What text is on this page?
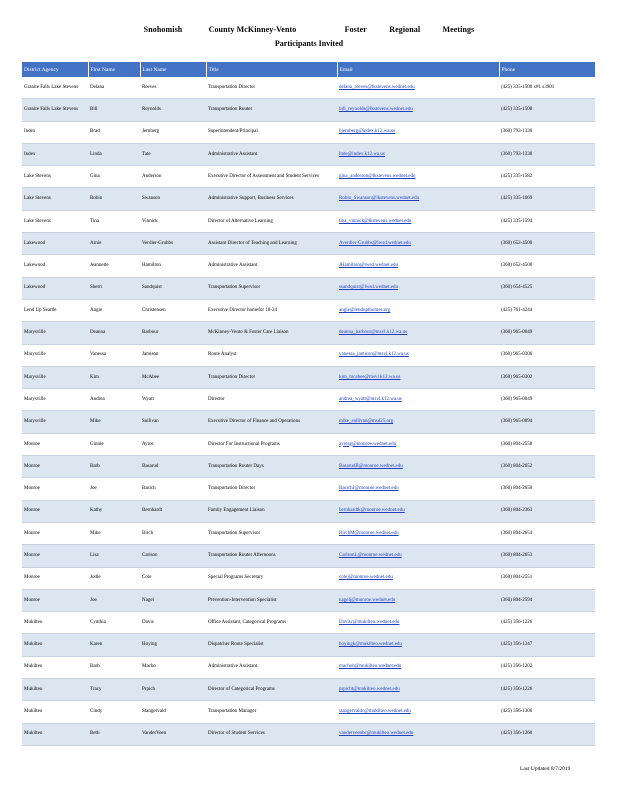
Snohomish	County McKinney-Vento	Foster	Regional	Meetings
Participants Invited
District Agency	First Name	Last Name	Title	Email	Phone
Granite Falls Lake Stevens	Delana	Reeves	Transportation Director	delana_reeves@lkstevens.wednet.edu	(425) 335-1500 x#1 s3901
Granite Falls Lake Stevens	Bill	Reynolds	Transportation Router	bill_reynolds@lkstevens.wednet.edu	(425) 335-1508
Index	Brad	Jernberg	Superintendent/Principal	bjernberg@index.k12.wa.us	(360) 793-1330
Index	Linda	Tate	Administrative Assistant	ltate@index.k12.wa.us	(360) 793-1330
Lake Stevens	Gina	Anderson	Executive Director of Assessment and Student Services	gina_anderson@lkstevens.wednet.edu	(425) 335-1582
Lake Stevens	Robin	Swanson	Administrative Support, Business Services	Robin_Swanson@lkstevens.wednet.edu	(425) 335-1669
Lake Stevens	Tina	Vinnick	Director of Alternative Learning	tina_vinnick@lkstevens.wednet.edu	(425) 335-1594
Lakewood	Arnie	Verdier-Grubbs	Assistant Director of Teaching and Learning	Averdier-Grubbs@lwsd.wednet.edu	(360) 652-4500
Lakewood	Jeannette	Hamilton	Administrative Assistant	JHamilton@lwsd.wednet.edu	(360) 652-4500
Lakewood	Sherri	Sandquist	Transportation Supervisor	ssandquist@lwsd.wednet.edu	(360) 654-4525
Lend Up Seattle	Angie	Christensen	Executive Director homefor 18-24	angie@lendupthomes.org	(425) 761-4244
Marysville	Deanna	Barbour	McKinney-Vento & Foster Care Liaison	deanna_barbour@msvl.k12.wa.us	(360) 965-0049
Marysville	Vanessa	Jamison	Route Analyst	vanessa_jamison@msvl.k12.wa.us	(360) 965-0306
Marysville	Kim	McAbee	Transportation Director	kim_mcabee@msvl.k12.wa.us	(360) 965-0302
Marysville	Andrea	Wyatt	Director	andrea_wyatt@msvl.k12.wa.us	(360) 965-0049
Marysville	Mike	Sullivan	Executive Director of Finance and Operations	mike_sullivan@msd25.org	(360) 965-0094
Monroe	Ginnie	Ayres	Director For Instructional Programs	ayresg@monroe.wednet.edu	(360) 804-2558
Monroe	Barb	Basarud	Transportation Router Days	BasarudB@monroe.wednet.edu	(360) 804-2652
Monroe	Joe	Basich	Transportation Director	BasichJ@monroe.wednet.edu	(360) 804-2650
Monroe	Kathy	Bernhardt	Family Engagement Liaison	bernhardtk@monroe.wednet.edu	(360) 804-2363
Monroe	Mike	Birch	Transportation Supervisor	BirchM@monroe.wednet.edu	(360) 804-2654
Monroe	Lisa	Carlson	Transportation Router Afternoons	CarlsonL@monroe.wednet.edu	(360) 804-2653
Monroe	Jodie	Cole	Special Programs Secretary	colej@monroe.wednet.edu	(360) 804-2551
Monroe	Joe	Nagel	Prevention-Intervention Specialist	nagelj@monroe.wednet.edu	(360) 804-2594
Mukilteo	Cynthia	Davis	Office Assistant, Categorical Programs	Davisc@mukilteo.wednet.edu	(425) 356-1226
Mukilteo	Karen	Hoying	Dispatcher Route Specialist	hoyingk@mukilteo.wednet.edu	(425) 356-1347
Mukilteo	Barb	Macho	Administrative Assistant	machob@mukilteo.wednet.edu	(425) 356-1202
Mukilteo	Tracy	Prpich	Director of Categorical Programs	prpicht@mukilteo.wednet.edu	(425) 356-1226
Mukilteo	Cindy	Stangervald	Transportation Manager	stangervaldc@mukilteo.wednet.edu	(425) 356-1306
Mukilteo	Beth	VanderVeen	Director of Student Services	vanderveenbc@mukilteo.wednet.edu	(425) 356-1260
Last Updated 8/7/2019
